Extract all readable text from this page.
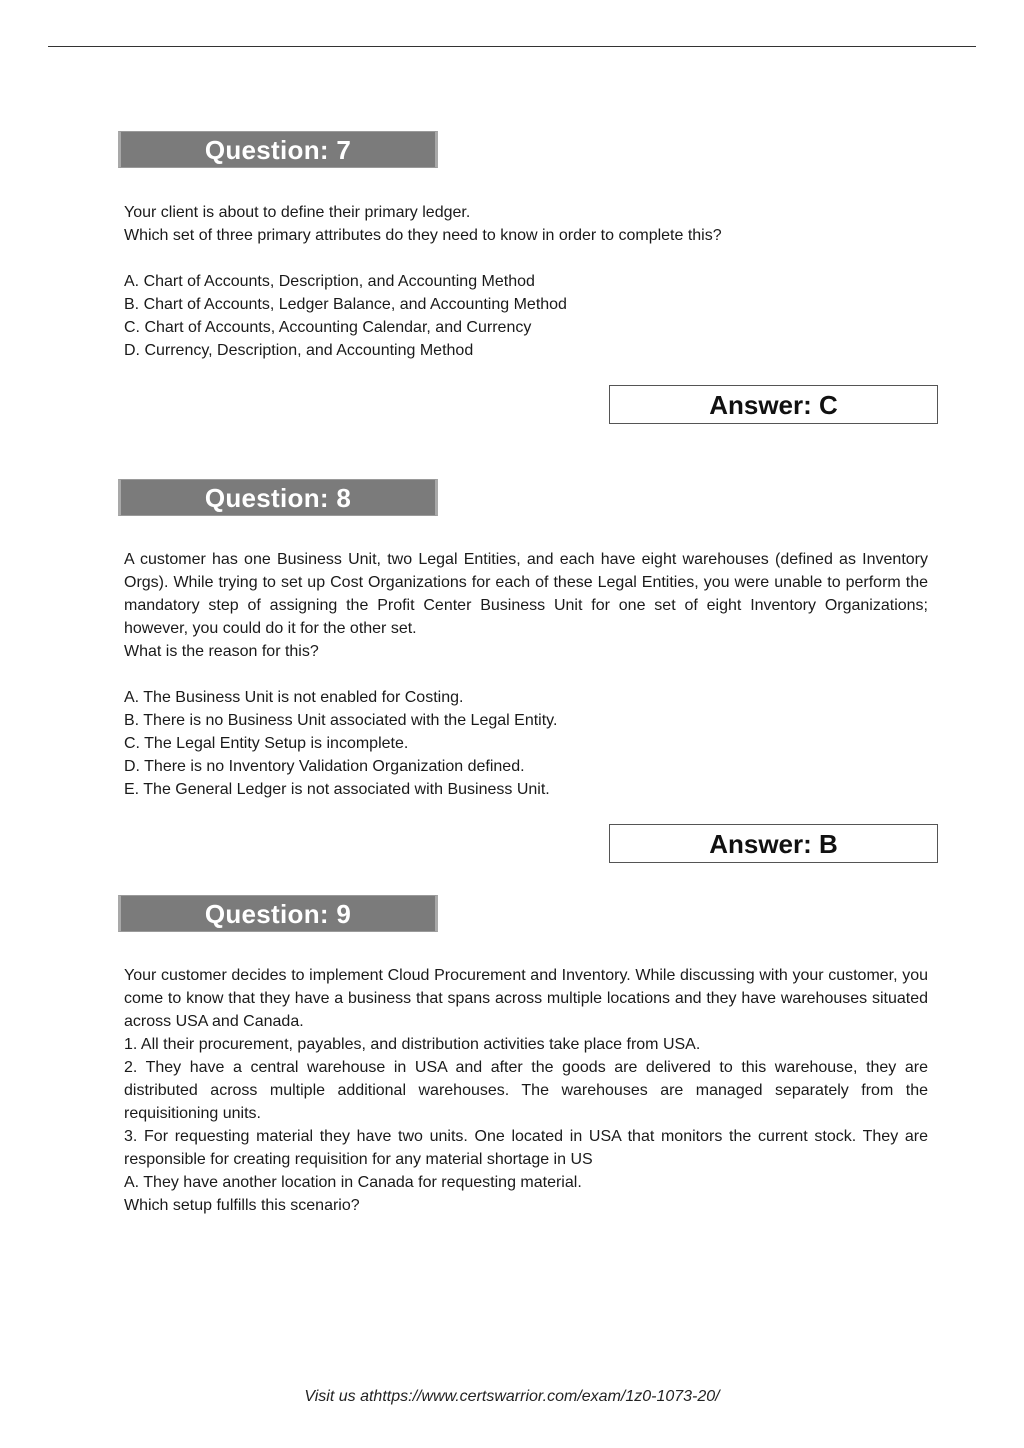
Question: 7

Your client is about to define their primary ledger.

Which set of three primary attributes do they need to know in order to complete this?

A. Chart of Accounts, Description, and Accounting Method

B. Chart of Accounts, Ledger Balance, and Accounting Method

C. Chart of Accounts, Accounting Calendar, and Currency

D. Currency, Description, and Accounting Method

Answer: C
Question: 8

A customer has one Business Unit, two Legal Entities, and each have eight warehouses (defined as Inventory Orgs). While trying to set up Cost Organizations for each of these Legal Entities, you were unable to perform the mandatory step of assigning the Profit Center Business Unit for one set of eight Inventory Organizations; however, you could do it for the other set.

What is the reason for this?

A. The Business Unit is not enabled for Costing.

B. There is no Business Unit associated with the Legal Entity.

C. The Legal Entity Setup is incomplete.

D. There is no Inventory Validation Organization defined.

E. The General Ledger is not associated with Business Unit.

Answer: B
Question: 9

Your customer decides to implement Cloud Procurement and Inventory. While discussing with your customer, you come to know that they have a business that spans across multiple locations and they have warehouses situated across USA and Canada.

1. All their procurement, payables, and distribution activities take place from USA.

2. They have a central warehouse in USA and after the goods are delivered to this warehouse, they are distributed across multiple additional warehouses. The warehouses are managed separately from the requisitioning units.

3. For requesting material they have two units. One located in USA that monitors the current stock. They are responsible for creating requisition for any material shortage in US

A. They have another location in Canada for requesting material.

Which setup fulfills this scenario?

Visit us athttps://www.certswarrior.com/exam/1z0-1073-20/
